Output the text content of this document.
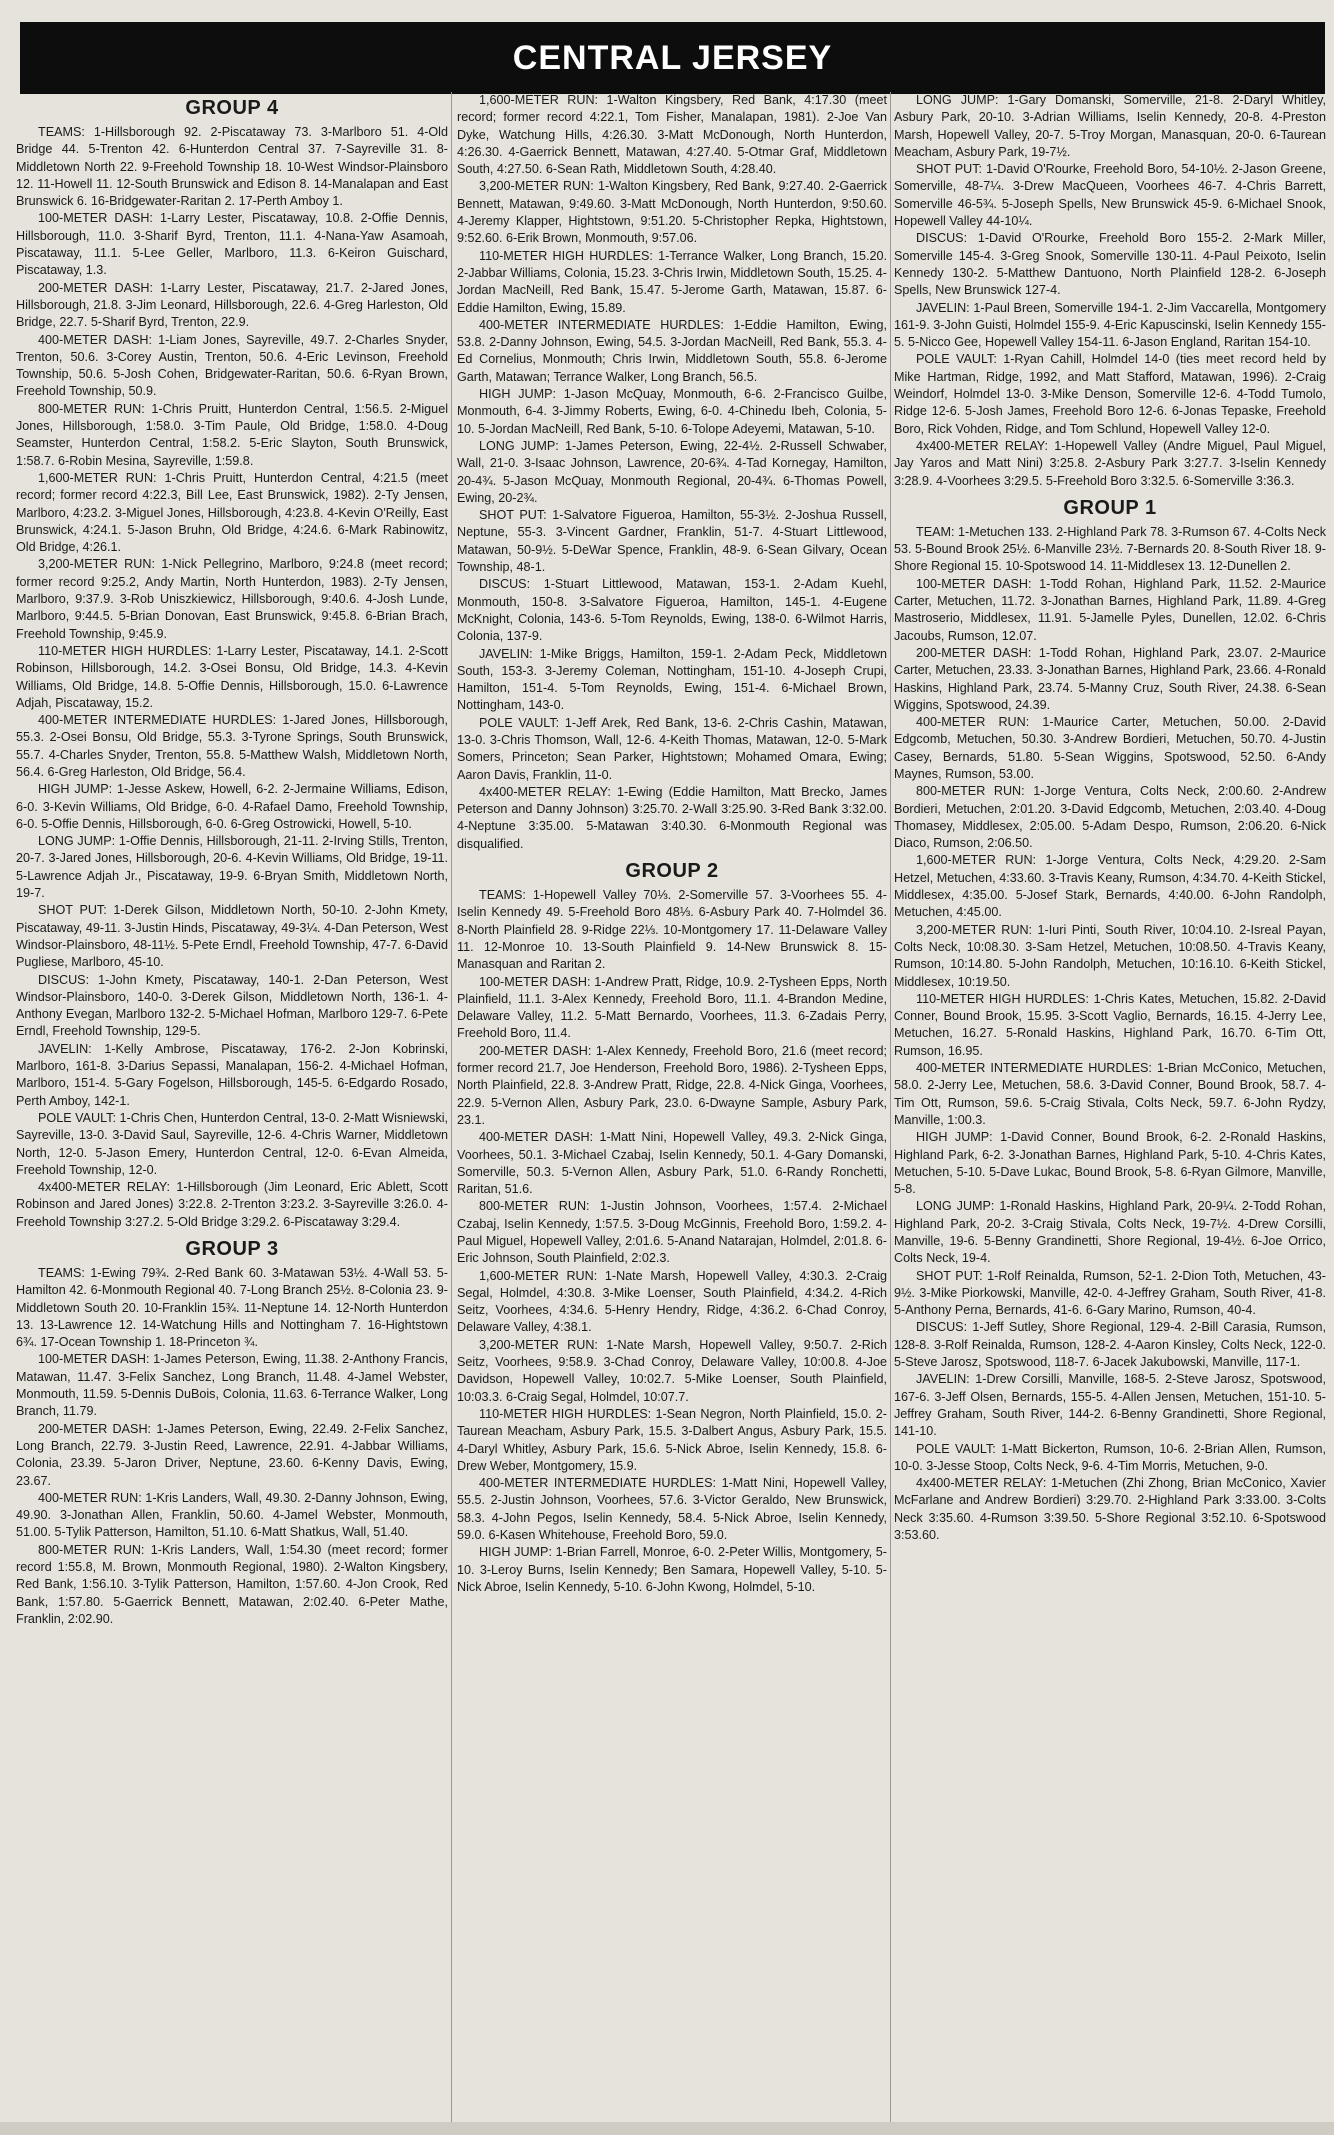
CENTRAL JERSEY
GROUP 4

TEAMS: 1-Hillsborough 92. 2-Piscataway 73. 3-Marlboro 51. 4-Old Bridge 44. 5-Trenton 42. 6-Hunterdon Central 37. 7-Sayreville 31. 8-Middletown North 22. 9-Freehold Township 18. 10-West Windsor-Plainsboro 12. 11-Howell 11. 12-South Brunswick and Edison 8. 14-Manalapan and East Brunswick 6. 16-Bridgewater-Raritan 2. 17-Perth Amboy 1.

100-METER DASH: 1-Larry Lester, Piscataway, 10.8. 2-Offie Dennis, Hillsborough, 11.0. 3-Sharif Byrd, Trenton, 11.1. 4-Nana-Yaw Asamoah, Piscataway, 11.1. 5-Lee Geller, Marlboro, 11.3. 6-Keiron Guischard, Piscataway, 1.3.

200-METER DASH: 1-Larry Lester, Piscataway, 21.7. 2-Jared Jones, Hillsborough, 21.8. 3-Jim Leonard, Hillsborough, 22.6. 4-Greg Harleston, Old Bridge, 22.7. 5-Sharif Byrd, Trenton, 22.9.

400-METER DASH: 1-Liam Jones, Sayreville, 49.7. 2-Charles Snyder, Trenton, 50.6. 3-Corey Austin, Trenton, 50.6. 4-Eric Levinson, Freehold Township, 50.6. 5-Josh Cohen, Bridgewater-Raritan, 50.6. 6-Ryan Brown, Freehold Township, 50.9.

800-METER RUN: 1-Chris Pruitt, Hunterdon Central, 1:56.5. 2-Miguel Jones, Hillsborough, 1:58.0. 3-Tim Paule, Old Bridge, 1:58.0. 4-Doug Seamster, Hunterdon Central, 1:58.2. 5-Eric Slayton, South Brunswick, 1:58.7. 6-Robin Mesina, Sayreville, 1:59.8.

1,600-METER RUN: 1-Chris Pruitt, Hunterdon Central, 4:21.5 (meet record; former record 4:22.3, Bill Lee, East Brunswick, 1982). 2-Ty Jensen, Marlboro, 4:23.2. 3-Miguel Jones, Hillsborough, 4:23.8. 4-Kevin O'Reilly, East Brunswick, 4:24.1. 5-Jason Bruhn, Old Bridge, 4:24.6. 6-Mark Rabinowitz, Old Bridge, 4:26.1.

3,200-METER RUN: 1-Nick Pellegrino, Marlboro, 9:24.8 (meet record; former record 9:25.2, Andy Martin, North Hunterdon, 1983). 2-Ty Jensen, Marlboro, 9:37.9. 3-Rob Uniszkiewicz, Hillsborough, 9:40.6. 4-Josh Lunde, Marlboro, 9:44.5. 5-Brian Donovan, East Brunswick, 9:45.8. 6-Brian Brach, Freehold Township, 9:45.9.

110-METER HIGH HURDLES: 1-Larry Lester, Piscataway, 14.1. 2-Scott Robinson, Hillsborough, 14.2. 3-Osei Bonsu, Old Bridge, 14.3. 4-Kevin Williams, Old Bridge, 14.8. 5-Offie Dennis, Hillsborough, 15.0. 6-Lawrence Adjah, Piscataway, 15.2.

400-METER INTERMEDIATE HURDLES: 1-Jared Jones, Hillsborough, 55.3. 2-Osei Bonsu, Old Bridge, 55.3. 3-Tyrone Springs, South Brunswick, 55.7. 4-Charles Snyder, Trenton, 55.8. 5-Matthew Walsh, Middletown North, 56.4. 6-Greg Harleston, Old Bridge, 56.4.

HIGH JUMP: 1-Jesse Askew, Howell, 6-2. 2-Jermaine Williams, Edison, 6-0. 3-Kevin Williams, Old Bridge, 6-0. 4-Rafael Damo, Freehold Township, 6-0. 5-Offie Dennis, Hillsborough, 6-0. 6-Greg Ostrowicki, Howell, 5-10.

LONG JUMP: 1-Offie Dennis, Hillsborough, 21-11. 2-Irving Stills, Trenton, 20-7. 3-Jared Jones, Hillsborough, 20-6. 4-Kevin Williams, Old Bridge, 19-11. 5-Lawrence Adjah Jr., Piscataway, 19-9. 6-Bryan Smith, Middletown North, 19-7.

SHOT PUT: 1-Derek Gilson, Middletown North, 50-10. 2-John Kmety, Piscataway, 49-11. 3-Justin Hinds, Piscataway, 49-3¼. 4-Dan Peterson, West Windsor-Plainsboro, 48-11½. 5-Pete Erndl, Freehold Township, 47-7. 6-David Pugliese, Marlboro, 45-10.

DISCUS: 1-John Kmety, Piscataway, 140-1. 2-Dan Peterson, West Windsor-Plainsboro, 140-0. 3-Derek Gilson, Middletown North, 136-1. 4-Anthony Evegan, Marlboro 132-2. 5-Michael Hofman, Marlboro 129-7. 6-Pete Erndl, Freehold Township, 129-5.

JAVELIN: 1-Kelly Ambrose, Piscataway, 176-2. 2-Jon Kobrinski, Marlboro, 161-8. 3-Darius Sepassi, Manalapan, 156-2. 4-Michael Hofman, Marlboro, 151-4. 5-Gary Fogelson, Hillsborough, 145-5. 6-Edgardo Rosado, Perth Amboy, 142-1.

POLE VAULT: 1-Chris Chen, Hunterdon Central, 13-0. 2-Matt Wisniewski, Sayreville, 13-0. 3-David Saul, Sayreville, 12-6. 4-Chris Warner, Middletown North, 12-0. 5-Jason Emery, Hunterdon Central, 12-0. 6-Evan Almeida, Freehold Township, 12-0.

4x400-METER RELAY: 1-Hillsborough (Jim Leonard, Eric Ablett, Scott Robinson and Jared Jones) 3:22.8. 2-Trenton 3:23.2. 3-Sayreville 3:26.0. 4-Freehold Township 3:27.2. 5-Old Bridge 3:29.2. 6-Piscataway 3:29.4.

GROUP 3

TEAMS: 1-Ewing 79¾. 2-Red Bank 60. 3-Matawan 53½. 4-Wall 53. 5-Hamilton 42. 6-Monmouth Regional 40. 7-Long Branch 25½. 8-Colonia 23. 9-Middletown South 20. 10-Franklin 15¾. 11-Neptune 14. 12-North Hunterdon 13. 13-Lawrence 12. 14-Watchung Hills and Nottingham 7. 16-Hightstown 6¾. 17-Ocean Township 1. 18-Princeton ¾.

100-METER DASH: 1-James Peterson, Ewing, 11.38. 2-Anthony Francis, Matawan, 11.47. 3-Felix Sanchez, Long Branch, 11.48. 4-Jamel Webster, Monmouth, 11.59. 5-Dennis DuBois, Colonia, 11.63. 6-Terrance Walker, Long Branch, 11.79.

200-METER DASH: 1-James Peterson, Ewing, 22.49. 2-Felix Sanchez, Long Branch, 22.79. 3-Justin Reed, Lawrence, 22.91. 4-Jabbar Williams, Colonia, 23.39. 5-Jaron Driver, Neptune, 23.60. 6-Kenny Davis, Ewing, 23.67.

400-METER RUN: 1-Kris Landers, Wall, 49.30. 2-Danny Johnson, Ewing, 49.90. 3-Jonathan Allen, Franklin, 50.60. 4-Jamel Webster, Monmouth, 51.00. 5-Tylik Patterson, Hamilton, 51.10. 6-Matt Shatkus, Wall, 51.40.

800-METER RUN: 1-Kris Landers, Wall, 1:54.30 (meet record; former record 1:55.8, M. Brown, Monmouth Regional, 1980). 2-Walton Kingsbery, Red Bank, 1:56.10. 3-Tylik Patterson, Hamilton, 1:57.60. 4-Jon Crook, Red Bank, 1:57.80. 5-Gaerrick Bennett, Matawan, 2:02.40. 6-Peter Mathe, Franklin, 2:02.90.

1,600-METER RUN: 1-Walton Kingsbery, Red Bank, 4:17.30 (meet record; former record 4:22.1, Tom Fisher, Manalapan, 1981). 2-Joe Van Dyke, Watchung Hills, 4:26.30. 3-Matt McDonough, North Hunterdon, 4:26.30. 4-Gaerrick Bennett, Matawan, 4:27.40. 5-Otmar Graf, Middletown South, 4:27.50. 6-Sean Rath, Middletown South, 4:28.40.

3,200-METER RUN: 1-Walton Kingsbery, Red Bank, 9:27.40. 2-Gaerrick Bennett, Matawan, 9:49.60. 3-Matt McDonough, North Hunterdon, 9:50.60. 4-Jeremy Klapper, Hightstown, 9:51.20. 5-Christopher Repka, Hightstown, 9:52.60. 6-Erik Brown, Monmouth, 9:57.06.

110-METER HIGH HURDLES: 1-Terrance Walker, Long Branch, 15.20. 2-Jabbar Williams, Colonia, 15.23. 3-Chris Irwin, Middletown South, 15.25. 4-Jordan MacNeill, Red Bank, 15.47. 5-Jerome Garth, Matawan, 15.87. 6-Eddie Hamilton, Ewing, 15.89.

400-METER INTERMEDIATE HURDLES: 1-Eddie Hamilton, Ewing, 53.8. 2-Danny Johnson, Ewing, 54.5. 3-Jordan MacNeill, Red Bank, 55.3. 4-Ed Cornelius, Monmouth; Chris Irwin, Middletown South, 55.8. 6-Jerome Garth, Matawan; Terrance Walker, Long Branch, 56.5.

HIGH JUMP: 1-Jason McQuay, Monmouth, 6-6. 2-Francisco Guilbe, Monmouth, 6-4. 3-Jimmy Roberts, Ewing, 6-0. 4-Chinedu Ibeh, Colonia, 5-10. 5-Jordan MacNeill, Red Bank, 5-10. 6-Tolope Adeyemi, Matawan, 5-10.

LONG JUMP: 1-James Peterson, Ewing, 22-4½. 2-Russell Schwaber, Wall, 21-0. 3-Isaac Johnson, Lawrence, 20-6¾. 4-Tad Kornegay, Hamilton, 20-4¾. 5-Jason McQuay, Monmouth Regional, 20-4¾. 6-Thomas Powell, Ewing, 20-2¾.

SHOT PUT: 1-Salvatore Figueroa, Hamilton, 55-3½. 2-Joshua Russell, Neptune, 55-3. 3-Vincent Gardner, Franklin, 51-7. 4-Stuart Littlewood, Matawan, 50-9½. 5-DeWar Spence, Franklin, 48-9. 6-Sean Gilvary, Ocean Township, 48-1.

DISCUS: 1-Stuart Littlewood, Matawan, 153-1. 2-Adam Kuehl, Monmouth, 150-8. 3-Salvatore Figueroa, Hamilton, 145-1. 4-Eugene McKnight, Colonia, 143-6. 5-Tom Reynolds, Ewing, 138-0. 6-Wilmot Harris, Colonia, 137-9.

JAVELIN: 1-Mike Briggs, Hamilton, 159-1. 2-Adam Peck, Middletown South, 153-3. 3-Jeremy Coleman, Nottingham, 151-10. 4-Joseph Crupi, Hamilton, 151-4. 5-Tom Reynolds, Ewing, 151-4. 6-Michael Brown, Nottingham, 143-0.

POLE VAULT: 1-Jeff Arek, Red Bank, 13-6. 2-Chris Cashin, Matawan, 13-0. 3-Chris Thomson, Wall, 12-6. 4-Keith Thomas, Matawan, 12-0. 5-Mark Somers, Princeton; Sean Parker, Hightstown; Mohamed Omara, Ewing; Aaron Davis, Franklin, 11-0.

4x400-METER RELAY: 1-Ewing (Eddie Hamilton, Matt Brecko, James Peterson and Danny Johnson) 3:25.70. 2-Wall 3:25.90. 3-Red Bank 3:32.00. 4-Neptune 3:35.00. 5-Matawan 3:40.30. 6-Monmouth Regional was disqualified.

GROUP 2

TEAMS: 1-Hopewell Valley 70⅓. 2-Somerville 57. 3-Voorhees 55. 4-Iselin Kennedy 49. 5-Freehold Boro 48⅓. 6-Asbury Park 40. 7-Holmdel 36. 8-North Plainfield 28. 9-Ridge 22⅓. 10-Montgomery 17. 11-Delaware Valley 11. 12-Monroe 10. 13-South Plainfield 9. 14-New Brunswick 8. 15-Manasquan and Raritan 2.

100-METER DASH: 1-Andrew Pratt, Ridge, 10.9. 2-Tysheen Epps, North Plainfield, 11.1. 3-Alex Kennedy, Freehold Boro, 11.1. 4-Brandon Medine, Delaware Valley, 11.2. 5-Matt Bernardo, Voorhees, 11.3. 6-Zadais Perry, Freehold Boro, 11.4.

200-METER DASH: 1-Alex Kennedy, Freehold Boro, 21.6 (meet record; former record 21.7, Joe Henderson, Freehold Boro, 1986). 2-Tysheen Epps, North Plainfield, 22.8. 3-Andrew Pratt, Ridge, 22.8. 4-Nick Ginga, Voorhees, 22.9. 5-Vernon Allen, Asbury Park, 23.0. 6-Dwayne Sample, Asbury Park, 23.1.

400-METER DASH: 1-Matt Nini, Hopewell Valley, 49.3. 2-Nick Ginga, Voorhees, 50.1. 3-Michael Czabaj, Iselin Kennedy, 50.1. 4-Gary Domanski, Somerville, 50.3. 5-Vernon Allen, Asbury Park, 51.0. 6-Randy Ronchetti, Raritan, 51.6.

800-METER RUN: 1-Justin Johnson, Voorhees, 1:57.4. 2-Michael Czabaj, Iselin Kennedy, 1:57.5. 3-Doug McGinnis, Freehold Boro, 1:59.2. 4-Paul Miguel, Hopewell Valley, 2:01.6. 5-Anand Natarajan, Holmdel, 2:01.8. 6-Eric Johnson, South Plainfield, 2:02.3.

1,600-METER RUN: 1-Nate Marsh, Hopewell Valley, 4:30.3. 2-Craig Segal, Holmdel, 4:30.8. 3-Mike Loenser, South Plainfield, 4:34.2. 4-Rich Seitz, Voorhees, 4:34.6. 5-Henry Hendry, Ridge, 4:36.2. 6-Chad Conroy, Delaware Valley, 4:38.1.

3,200-METER RUN: 1-Nate Marsh, Hopewell Valley, 9:50.7. 2-Rich Seitz, Voorhees, 9:58.9. 3-Chad Conroy, Delaware Valley, 10:00.8. 4-Joe Davidson, Hopewell Valley, 10:02.7. 5-Mike Loenser, South Plainfield, 10:03.3. 6-Craig Segal, Holmdel, 10:07.7.

110-METER HIGH HURDLES: 1-Sean Negron, North Plainfield, 15.0. 2-Taurean Meacham, Asbury Park, 15.5. 3-Dalbert Angus, Asbury Park, 15.5. 4-Daryl Whitley, Asbury Park, 15.6. 5-Nick Abroe, Iselin Kennedy, 15.8. 6-Drew Weber, Montgomery, 15.9.

400-METER INTERMEDIATE HURDLES: 1-Matt Nini, Hopewell Valley, 55.5. 2-Justin Johnson, Voorhees, 57.6. 3-Victor Geraldo, New Brunswick, 58.3. 4-John Pegos, Iselin Kennedy, 58.4. 5-Nick Abroe, Iselin Kennedy, 59.0. 6-Kasen Whitehouse, Freehold Boro, 59.0.

HIGH JUMP: 1-Brian Farrell, Monroe, 6-0. 2-Peter Willis, Montgomery, 5-10. 3-Leroy Burns, Iselin Kennedy; Ben Samara, Hopewell Valley, 5-10. 5-Nick Abroe, Iselin Kennedy, 5-10. 6-John Kwong, Holmdel, 5-10.

LONG JUMP: 1-Gary Domanski, Somerville, 21-8. 2-Daryl Whitley, Asbury Park, 20-10. 3-Adrian Williams, Iselin Kennedy, 20-8. 4-Preston Marsh, Hopewell Valley, 20-7. 5-Troy Morgan, Manasquan, 20-0. 6-Taurean Meacham, Asbury Park, 19-7½.

SHOT PUT: 1-David O'Rourke, Freehold Boro, 54-10½. 2-Jason Greene, Somerville, 48-7¼. 3-Drew MacQueen, Voorhees 46-7. 4-Chris Barrett, Somerville 46-5¾. 5-Joseph Spells, New Brunswick 45-9. 6-Michael Snook, Hopewell Valley 44-10¼.

DISCUS: 1-David O'Rourke, Freehold Boro 155-2. 2-Mark Miller, Somerville 145-4. 3-Greg Snook, Somerville 130-11. 4-Paul Peixoto, Iselin Kennedy 130-2. 5-Matthew Dantuono, North Plainfield 128-2. 6-Joseph Spells, New Brunswick 127-4.

JAVELIN: 1-Paul Breen, Somerville 194-1. 2-Jim Vaccarella, Montgomery 161-9. 3-John Guisti, Holmdel 155-9. 4-Eric Kapuscinski, Iselin Kennedy 155-5. 5-Nicco Gee, Hopewell Valley 154-11. 6-Jason England, Raritan 154-10.

POLE VAULT: 1-Ryan Cahill, Holmdel 14-0 (ties meet record held by Mike Hartman, Ridge, 1992, and Matt Stafford, Matawan, 1996). 2-Craig Weindorf, Holmdel 13-0. 3-Mike Denson, Somerville 12-6. 4-Todd Tumolo, Ridge 12-6. 5-Josh James, Freehold Boro 12-6. 6-Jonas Tepaske, Freehold Boro, Rick Vohden, Ridge, and Tom Schlund, Hopewell Valley 12-0.

4x400-METER RELAY: 1-Hopewell Valley (Andre Miguel, Paul Miguel, Jay Yaros and Matt Nini) 3:25.8. 2-Asbury Park 3:27.7. 3-Iselin Kennedy 3:28.9. 4-Voorhees 3:29.5. 5-Freehold Boro 3:32.5. 6-Somerville 3:36.3.

GROUP 1

TEAM: 1-Metuchen 133. 2-Highland Park 78. 3-Rumson 67. 4-Colts Neck 53. 5-Bound Brook 25½. 6-Manville 23½. 7-Bernards 20. 8-South River 18. 9-Shore Regional 15. 10-Spotswood 14. 11-Middlesex 13. 12-Dunellen 2.

100-METER DASH: 1-Todd Rohan, Highland Park, 11.52. 2-Maurice Carter, Metuchen, 11.72. 3-Jonathan Barnes, Highland Park, 11.89. 4-Greg Mastroserio, Middlesex, 11.91. 5-Jamelle Pyles, Dunellen, 12.02. 6-Chris Jacoubs, Rumson, 12.07.

200-METER DASH: 1-Todd Rohan, Highland Park, 23.07. 2-Maurice Carter, Metuchen, 23.33. 3-Jonathan Barnes, Highland Park, 23.66. 4-Ronald Haskins, Highland Park, 23.74. 5-Manny Cruz, South River, 24.38. 6-Sean Wiggins, Spotswood, 24.39.

400-METER RUN: 1-Maurice Carter, Metuchen, 50.00. 2-David Edgcomb, Metuchen, 50.30. 3-Andrew Bordieri, Metuchen, 50.70. 4-Justin Casey, Bernards, 51.80. 5-Sean Wiggins, Spotswood, 52.50. 6-Andy Maynes, Rumson, 53.00.

800-METER RUN: 1-Jorge Ventura, Colts Neck, 2:00.60. 2-Andrew Bordieri, Metuchen, 2:01.20. 3-David Edgcomb, Metuchen, 2:03.40. 4-Doug Thomasey, Middlesex, 2:05.00. 5-Adam Despo, Rumson, 2:06.20. 6-Nick Diaco, Rumson, 2:06.50.

1,600-METER RUN: 1-Jorge Ventura, Colts Neck, 4:29.20. 2-Sam Hetzel, Metuchen, 4:33.60. 3-Travis Keany, Rumson, 4:34.70. 4-Keith Stickel, Middlesex, 4:35.00. 5-Josef Stark, Bernards, 4:40.00. 6-John Randolph, Metuchen, 4:45.00.

3,200-METER RUN: 1-Iuri Pinti, South River, 10:04.10. 2-Isreal Payan, Colts Neck, 10:08.30. 3-Sam Hetzel, Metuchen, 10:08.50. 4-Travis Keany, Rumson, 10:14.80. 5-John Randolph, Metuchen, 10:16.10. 6-Keith Stickel, Middlesex, 10:19.50.

110-METER HIGH HURDLES: 1-Chris Kates, Metuchen, 15.82. 2-David Conner, Bound Brook, 15.95. 3-Scott Vaglio, Bernards, 16.15. 4-Jerry Lee, Metuchen, 16.27. 5-Ronald Haskins, Highland Park, 16.70. 6-Tim Ott, Rumson, 16.95.

400-METER INTERMEDIATE HURDLES: 1-Brian McConico, Metuchen, 58.0. 2-Jerry Lee, Metuchen, 58.6. 3-David Conner, Bound Brook, 58.7. 4-Tim Ott, Rumson, 59.6. 5-Craig Stivala, Colts Neck, 59.7. 6-John Rydzy, Manville, 1:00.3.

HIGH JUMP: 1-David Conner, Bound Brook, 6-2. 2-Ronald Haskins, Highland Park, 6-2. 3-Jonathan Barnes, Highland Park, 5-10. 4-Chris Kates, Metuchen, 5-10. 5-Dave Lukac, Bound Brook, 5-8. 6-Ryan Gilmore, Manville, 5-8.

LONG JUMP: 1-Ronald Haskins, Highland Park, 20-9¼. 2-Todd Rohan, Highland Park, 20-2. 3-Craig Stivala, Colts Neck, 19-7½. 4-Drew Corsilli, Manville, 19-6. 5-Benny Grandinetti, Shore Regional, 19-4½. 6-Joe Orrico, Colts Neck, 19-4.

SHOT PUT: 1-Rolf Reinalda, Rumson, 52-1. 2-Dion Toth, Metuchen, 43-9½. 3-Mike Piorkowski, Manville, 42-0. 4-Jeffrey Graham, South River, 41-8. 5-Anthony Perna, Bernards, 41-6. 6-Gary Marino, Rumson, 40-4.

DISCUS: 1-Jeff Sutley, Shore Regional, 129-4. 2-Bill Carasia, Rumson, 128-8. 3-Rolf Reinalda, Rumson, 128-2. 4-Aaron Kinsley, Colts Neck, 122-0. 5-Steve Jarosz, Spotswood, 118-7. 6-Jacek Jakubowski, Manville, 117-1.

JAVELIN: 1-Drew Corsilli, Manville, 168-5. 2-Steve Jarosz, Spotswood, 167-6. 3-Jeff Olsen, Bernards, 155-5. 4-Allen Jensen, Metuchen, 151-10. 5-Jeffrey Graham, South River, 144-2. 6-Benny Grandinetti, Shore Regional, 141-10.

POLE VAULT: 1-Matt Bickerton, Rumson, 10-6. 2-Brian Allen, Rumson, 10-0. 3-Jesse Stoop, Colts Neck, 9-6. 4-Tim Morris, Metuchen, 9-0.

4x400-METER RELAY: 1-Metuchen (Zhi Zhong, Brian McConico, Xavier McFarlane and Andrew Bordieri) 3:29.70. 2-Highland Park 3:33.00. 3-Colts Neck 3:35.60. 4-Rumson 3:39.50. 5-Shore Regional 3:52.10. 6-Spotswood 3:53.60.
